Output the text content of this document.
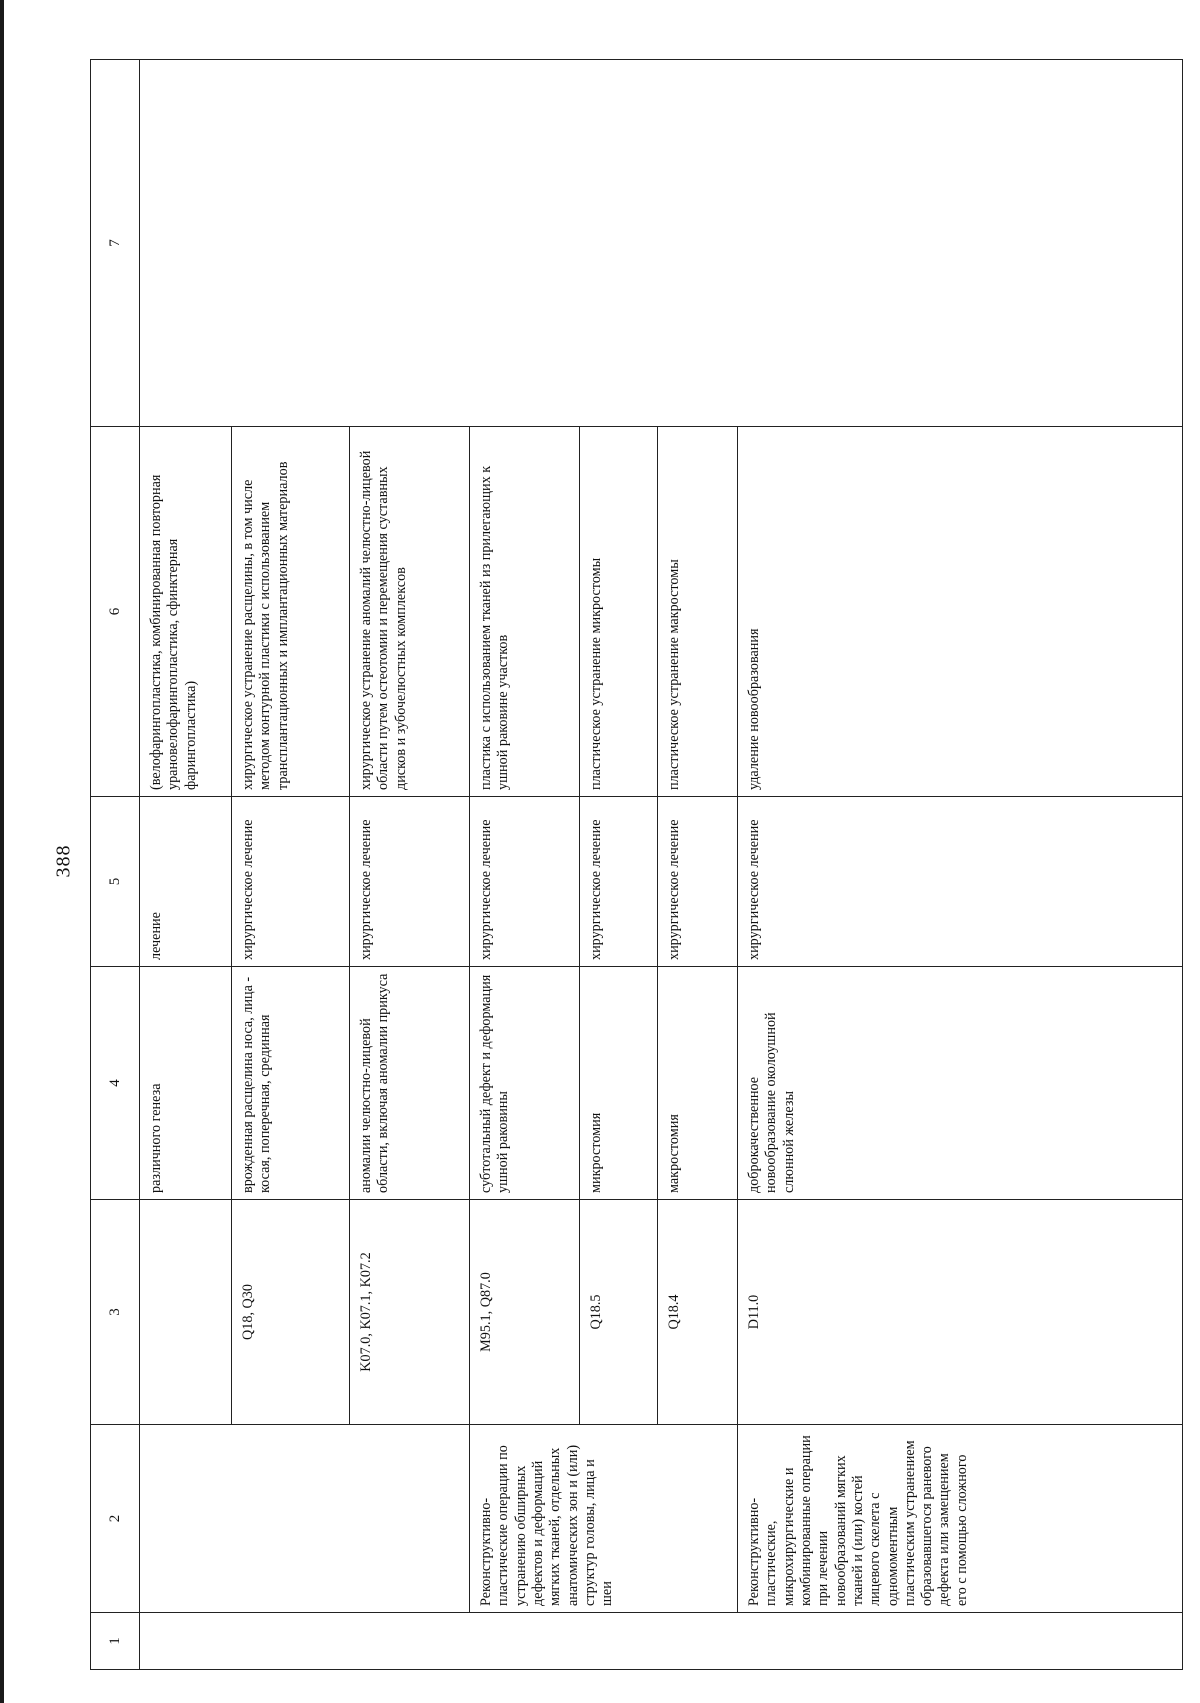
388
1	2	3	4	5	6	7
			различного генеза	лечение	(велофарингопластика, комбинированная повторная урановелофарингопластика, сфинктерная фарингопластика)	
		Q18, Q30	врожденная расщелина носа, лица - косая, поперечная, срединная	хирургическое лечение	хирургическое устранение расщелины, в том числе методом контурной пластики с использованием трансплантационных и имплантационных материалов	
		K07.0, K07.1, K07.2	аномалии челюстно-лицевой области, включая аномалии прикуса	хирургическое лечение	хирургическое устранение аномалий челюстно-лицевой области путем остеотомии и перемещения суставных дисков и зубочелюстных комплексов	
	Реконструктивно-пластические операции по устранению обширных дефектов и деформаций мягких тканей, отдельных анатомических зон и (или) структур головы, лица и шеи	M95.1, Q87.0	субтотальный дефект и деформация ушной раковины	хирургическое лечение	пластика с использованием тканей из прилегающих к ушной раковине участков	
		Q18.5	микростомия	хирургическое лечение	пластическое устранение микростомы	
		Q18.4	макростомия	хирургическое лечение	пластическое устранение макростомы	
	Реконструктивно-пластические, микрохирургические и комбинированные операции при лечении новообразований мягких тканей и (или) костей лицевого скелета с одномоментным пластическим устранением образовавшегося раневого дефекта или замещением его с помощью сложного	D11.0	доброкачественное новообразование околоушной слюнной железы	хирургическое лечение	удаление новообразования	
